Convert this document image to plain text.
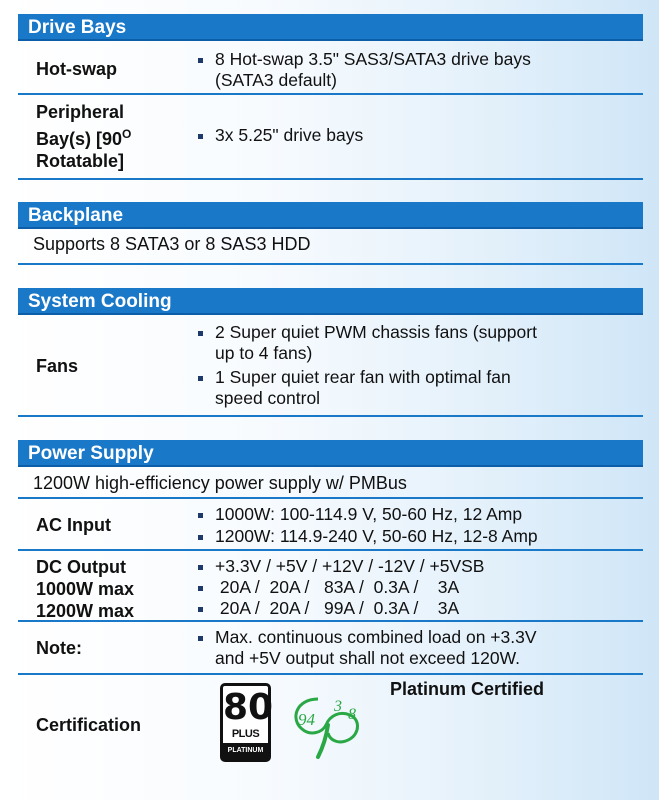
Drive Bays
Hot-swap	8 Hot-swap 3.5" SAS3/SATA3 drive bays
(SATA3 default)
Peripheral
Bay(s) [$90^O$
Rotatable]
3x 5.25" drive bays
Backplane
Supports 8 SATA3 or 8 SAS3 HDD
System Cooling
Fans
2 Super quiet PWM chassis fans (support
up to 4 fans)
1 Super quiet rear fan with optimal fan
speed control
Power Supply
1200W high-efficiency power supply w/ PMBus
AC Input
1000W: 100-114.9 V, 50-60 Hz, 12 Amp
1200W: 114.9-240 V, 50-60 Hz, 12-8 Amp
DC Output
1000W max
1200W max
+3.3V / +5V / +12V / -12V / +5VSB
20A /  20A /   83A /  0.3A /    3A
20A /  20A /   99A /  0.3A /    3A
Note:
Max. continuous combined load on +3.3V
and +5V output shall not exceed 120W.
Certification 80
PLUS
PLATINUM
94
3 8
Platinum Certified
